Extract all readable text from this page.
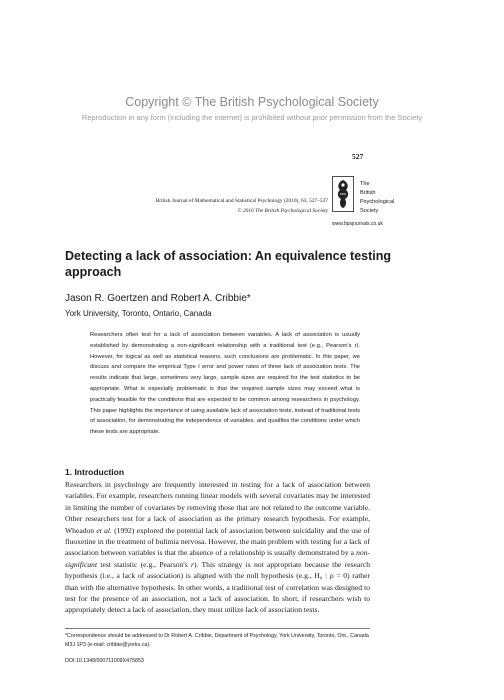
Copyright © The British Psychological Society
Reproduction in any form (including the internet) is prohibited without prior permission from the Society
527
British Journal of Mathematical and Statistical Psychology (2010), 63, 527–537
© 2010 The British Psychological Society
The
British
Psychological
Society
www.bpsjournals.co.uk
Detecting a lack of association: An equivalence testing approach
Jason R. Goertzen and Robert A. Cribbie*
York University, Toronto, Ontario, Canada
Researchers often test for a lack of association between variables. A lack of association is usually established by demonstrating a non-significant relationship with a traditional test (e.g., Pearson's r). However, for logical as well as statistical reasons, such conclusions are problematic. In this paper, we discuss and compare the empirical Type I error and power rates of three lack of association tests. The results indicate that large, sometimes very large, sample sizes are required for the test statistics to be appropriate. What is especially problematic is that the required sample sizes may exceed what is practically feasible for the conditions that are expected to be common among researchers in psychology. This paper highlights the importance of using available lack of association tests, instead of traditional tests of association, for demonstrating the independence of variables, and qualifies the conditions under which these tests are appropriate.
1. Introduction

Researchers in psychology are frequently interested in testing for a lack of association between variables. For example, researchers running linear models with several covariates may be interested in limiting the number of covariates by removing those that are not related to the outcome variable. Other researchers test for a lack of association as the primary research hypothesis. For example, Wheadon et al. (1992) explored the potential lack of association between suicidality and the use of fluoxetine in the treatment of bulimia nervosa. However, the main problem with testing for a lack of association between variables is that the absence of a relationship is usually demonstrated by a non-significant test statistic (e.g., Pearson's r). This strategy is not appropriate because the research hypothesis (i.e., a lack of association) is aligned with the null hypothesis (e.g., H₀ : ρ = 0) rather than with the alternative hypothesis. In other words, a traditional test of correlation was designed to test for the presence of an association, not a lack of association. In short, if researchers wish to appropriately detect a lack of association, they must utilize lack of association tests.

*Correspondence should be addressed to Dr Robert A. Cribbie, Department of Psychology, York University, Toronto, Ont., Canada M3J 1P3 (e-mail: cribbie@yorku.ca).
DOI:10.1348/000711009X475853
